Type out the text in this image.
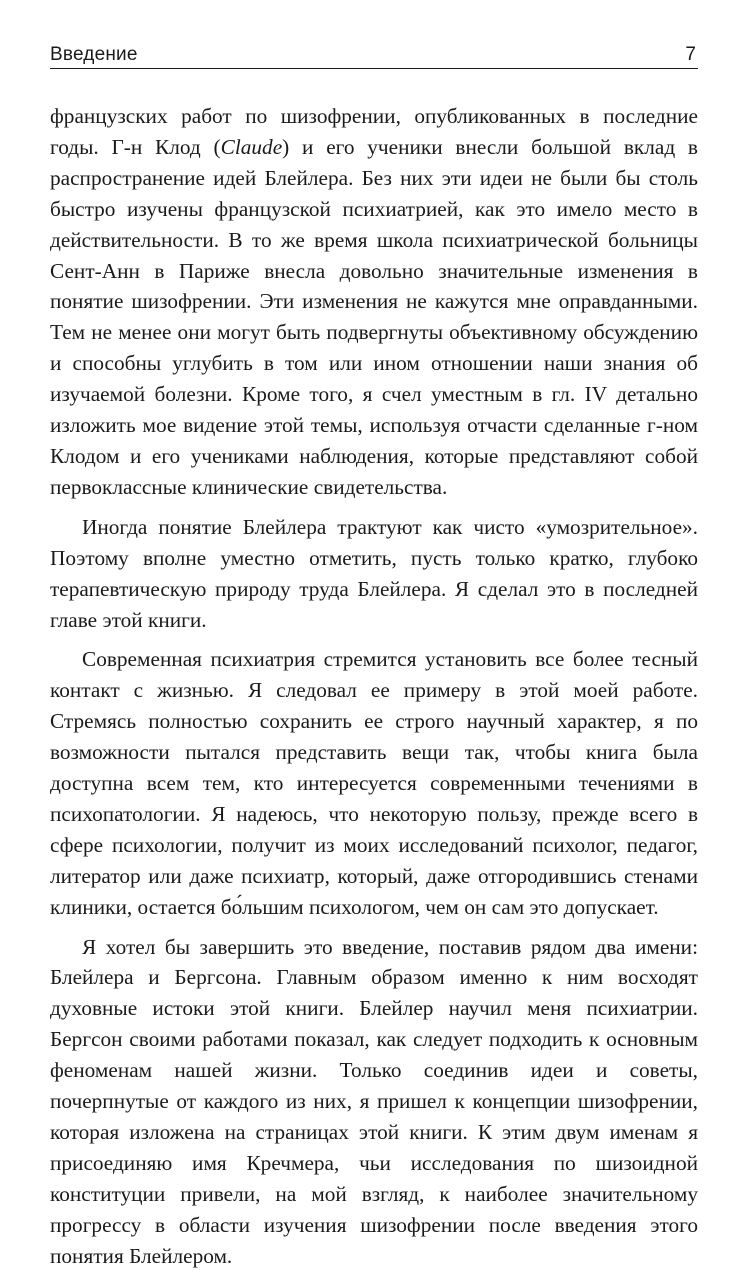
Введение	7

французских работ по шизофрении, опубликованных в последние годы. Г-н Клод (Claude) и его ученики внесли большой вклад в распространение идей Блейлера. Без них эти идеи не были бы столь быстро изучены французской психиатрией, как это имело место в действительности. В то же время школа психиатрической больницы Сент-Анн в Париже внесла довольно значительные изменения в понятие шизофрении. Эти изменения не кажутся мне оправданными. Тем не менее они могут быть подвергнуты объективному обсуждению и способны углубить в том или ином отношении наши знания об изучаемой болезни. Кроме того, я счел уместным в гл. IV детально изложить мое видение этой темы, используя отчасти сделанные г-ном Клодом и его учениками наблюдения, которые представляют собой первоклассные клинические свидетельства.

Иногда понятие Блейлера трактуют как чисто «умозрительное». Поэтому вполне уместно отметить, пусть только кратко, глубоко терапевтическую природу труда Блейлера. Я сделал это в последней главе этой книги.

Современная психиатрия стремится установить все более тесный контакт с жизнью. Я следовал ее примеру в этой моей работе. Стремясь полностью сохранить ее строго научный характер, я по возможности пытался представить вещи так, чтобы книга была доступна всем тем, кто интересуется современными течениями в психопатологии. Я надеюсь, что некоторую пользу, прежде всего в сфере психологии, получит из моих исследований психолог, педагог, литератор или даже психиатр, который, даже отгородившись стенами клиники, остается бо́льшим психологом, чем он сам это допускает.

Я хотел бы завершить это введение, поставив рядом два имени: Блейлера и Бергсона. Главным образом именно к ним восходят духовные истоки этой книги. Блейлер научил меня психиатрии. Бергсон своими работами показал, как следует подходить к основным феноменам нашей жизни. Только соединив идеи и советы, почерпнутые от каждого из них, я пришел к концепции шизофрении, которая изложена на страницах этой книги. К этим двум именам я присоединяю имя Кречмера, чьи исследования по шизоидной конституции привели, на мой взгляд, к наиболее значительному прогрессу в области изучения шизофрении после введения этого понятия Блейлером.
